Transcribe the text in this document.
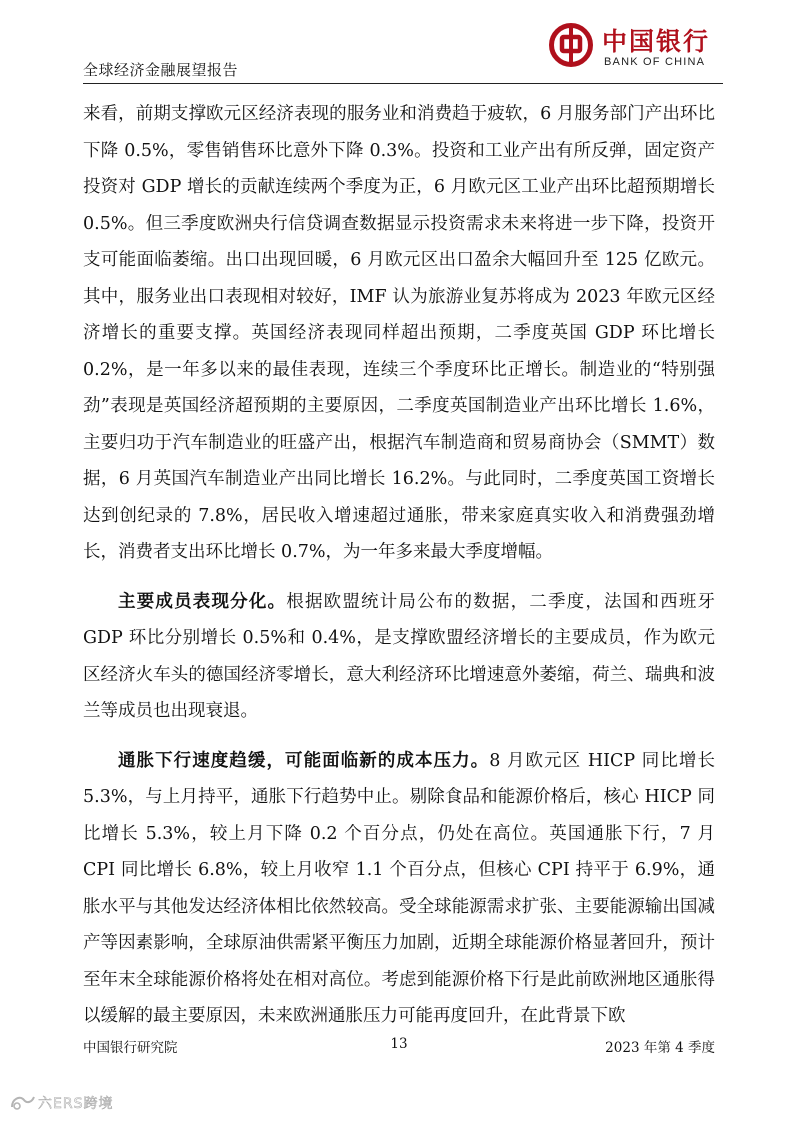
全球经济金融展望报告
中国银行
BANK OF CHINA

来看，前期支撑欧元区经济表现的服务业和消费趋于疲软，6 月服务部门产出环比下降 0.5%，零售销售环比意外下降 0.3%。投资和工业产出有所反弹，固定资产投资对 GDP 增长的贡献连续两个季度为正，6 月欧元区工业产出环比超预期增长 0.5%。但三季度欧洲央行信贷调查数据显示投资需求未来将进一步下降，投资开支可能面临萎缩。出口出现回暖，6 月欧元区出口盈余大幅回升至 125 亿欧元。其中，服务业出口表现相对较好，IMF 认为旅游业复苏将成为 2023 年欧元区经济增长的重要支撑。英国经济表现同样超出预期，二季度英国 GDP 环比增长 0.2%，是一年多以来的最佳表现，连续三个季度环比正增长。制造业的“特别强劲”表现是英国经济超预期的主要原因，二季度英国制造业产出环比增长 1.6%，主要归功于汽车制造业的旺盛产出，根据汽车制造商和贸易商协会（SMMT）数据，6 月英国汽车制造业产出同比增长 16.2%。与此同时，二季度英国工资增长达到创纪录的 7.8%，居民收入增速超过通胀，带来家庭真实收入和消费强劲增长，消费者支出环比增长 0.7%，为一年多来最大季度增幅。

主要成员表现分化。根据欧盟统计局公布的数据，二季度，法国和西班牙 GDP 环比分别增长 0.5%和 0.4%，是支撑欧盟经济增长的主要成员，作为欧元区经济火车头的德国经济零增长，意大利经济环比增速意外萎缩，荷兰、瑞典和波兰等成员也出现衰退。

通胀下行速度趋缓，可能面临新的成本压力。8 月欧元区 HICP 同比增长 5.3%，与上月持平，通胀下行趋势中止。剔除食品和能源价格后，核心 HICP 同比增长 5.3%，较上月下降 0.2 个百分点，仍处在高位。英国通胀下行，7 月 CPI 同比增长 6.8%，较上月收窄 1.1 个百分点，但核心 CPI 持平于 6.9%，通胀水平与其他发达经济体相比依然较高。受全球能源需求扩张、主要能源输出国减产等因素影响，全球原油供需紧平衡压力加剧，近期全球能源价格显著回升，预计至年末全球能源价格将处在相对高位。考虑到能源价格下行是此前欧洲地区通胀得以缓解的最主要原因，未来欧洲通胀压力可能再度回升，在此背景下欧

中国银行研究院	13	2023 年第 4 季度
六ERS跨境
